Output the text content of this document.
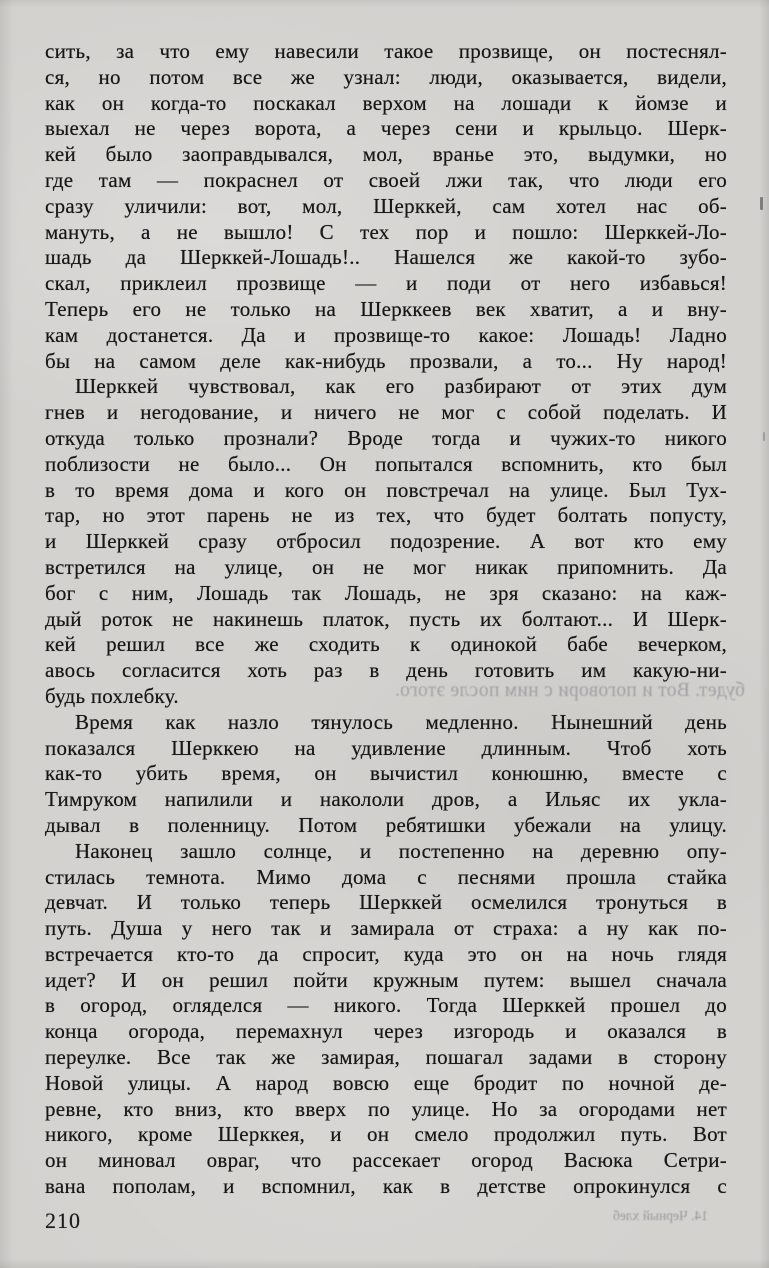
сить, за что ему навесили такое прозвище, он постеснял-
ся, но потом все же узнал: люди, оказывается, видели,
как он когда-то поскакал верхом на лошади к йомзе и
выехал не через ворота, а через сени и крыльцо. Шерк-
кей было заоправдывался, мол, вранье это, выдумки, но
где там — покраснел от своей лжи так, что люди его
сразу уличили: вот, мол, Шерккей, сам хотел нас об-
мануть, а не вышло! С тех пор и пошло: Шерккей-Ло-
шадь да Шерккей-Лошадь!.. Нашелся же какой-то зубо-
скал, приклеил прозвище — и поди от него избавься!
Теперь его не только на Шерккеев век хватит, а и вну-
кам достанется. Да и прозвище-то какое: Лошадь! Ладно
бы на самом деле как-нибудь прозвали, а то... Ну народ!
Шерккей чувствовал, как его разбирают от этих дум
гнев и негодование, и ничего не мог с собой поделать. И
откуда только прознали? Вроде тогда и чужих-то никого
поблизости не было... Он попытался вспомнить, кто был
в то время дома и кого он повстречал на улице. Был Тух-
тар, но этот парень не из тех, что будет болтать попусту,
и Шерккей сразу отбросил подозрение. А вот кто ему
встретился на улице, он не мог никак припомнить. Да
бог с ним, Лошадь так Лошадь, не зря сказано: на каж-
дый роток не накинешь платок, пусть их болтают... И Шерк-
кей решил все же сходить к одинокой бабе вечерком,
авось согласится хоть раз в день готовить им какую-ни-
будь похлебку.
Время как назло тянулось медленно. Нынешний день
показался Шерккею на удивление длинным. Чтоб хоть
как-то убить время, он вычистил конюшню, вместе с
Тимруком напилили и накололи дров, а Ильяс их укла-
дывал в поленницу. Потом ребятишки убежали на улицу.
Наконец зашло солнце, и постепенно на деревню опу-
стилась темнота. Мимо дома с песнями прошла стайка
девчат. И только теперь Шерккей осмелился тронуться в
путь. Душа у него так и замирала от страха: а ну как по-
встречается кто-то да спросит, куда это он на ночь глядя
идет? И он решил пойти кружным путем: вышел сначала
в огород, огляделся — никого. Тогда Шерккей прошел до
конца огорода, перемахнул через изгородь и оказался в
переулке. Все так же замирая, пошагал задами в сторону
Новой улицы. А народ вовсю еще бродит по ночной де-
ревне, кто вниз, кто вверх по улице. Но за огородами нет
никого, кроме Шерккея, и он смело продолжил путь. Вот
он миновал овраг, что рассекает огород Васюка Сетри-
вана пополам, и вспомнил, как в детстве опрокинулся с
будет. Вот и поговори с ним после этого.
210	14. Черный хлеб
